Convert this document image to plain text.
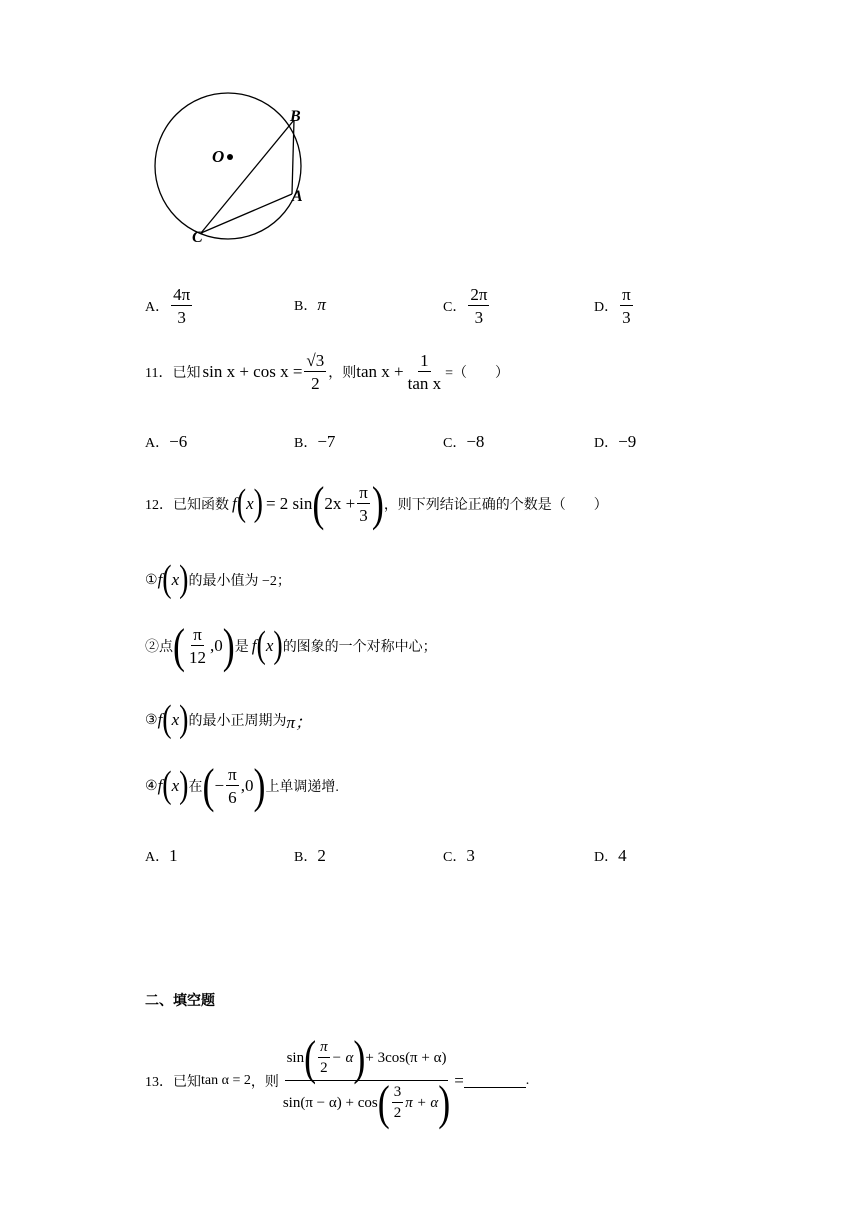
O
B
A
C
A． $\frac{4\pi}{3}$	B． π	C． $\frac{2\pi}{3}$	D． $\frac{\pi}{3}$
11．已知 $\sin x + \cos x = \frac{√3}{2}$ ，则 $\tan x + \frac{1}{\text{tan x}}$ =（　　）
A． −6	B． −7	C． −8	D． −9
12．已知函数 f ( x ) = 2 sin ( $2x + \frac{\pi}{3}$ ) ，则下列结论正确的个数是（　　）
① f ( x ) 的最小值为 −2；
②点 ( $\frac{\pi}{12} ,0$ ) 是 f ( x ) 的图象的一个对称中心；
③ f ( x ) 的最小正周期为 π；
④ f ( x ) 在 ( − $\frac{\pi}{6} ,0$ ) 上单调递增.
A． 1	B． 2	C． 3	D． 4
二、填空题
13．已知 tan α = 2 ，则 $\frac{\sin ( \frac{\pi}{2} - \alpha ) + 3\cos(\pi + \alpha)}{\sin(\pi - \alpha) + \cos ( \frac{3}{2} \pi + \alpha )}$ =	.
